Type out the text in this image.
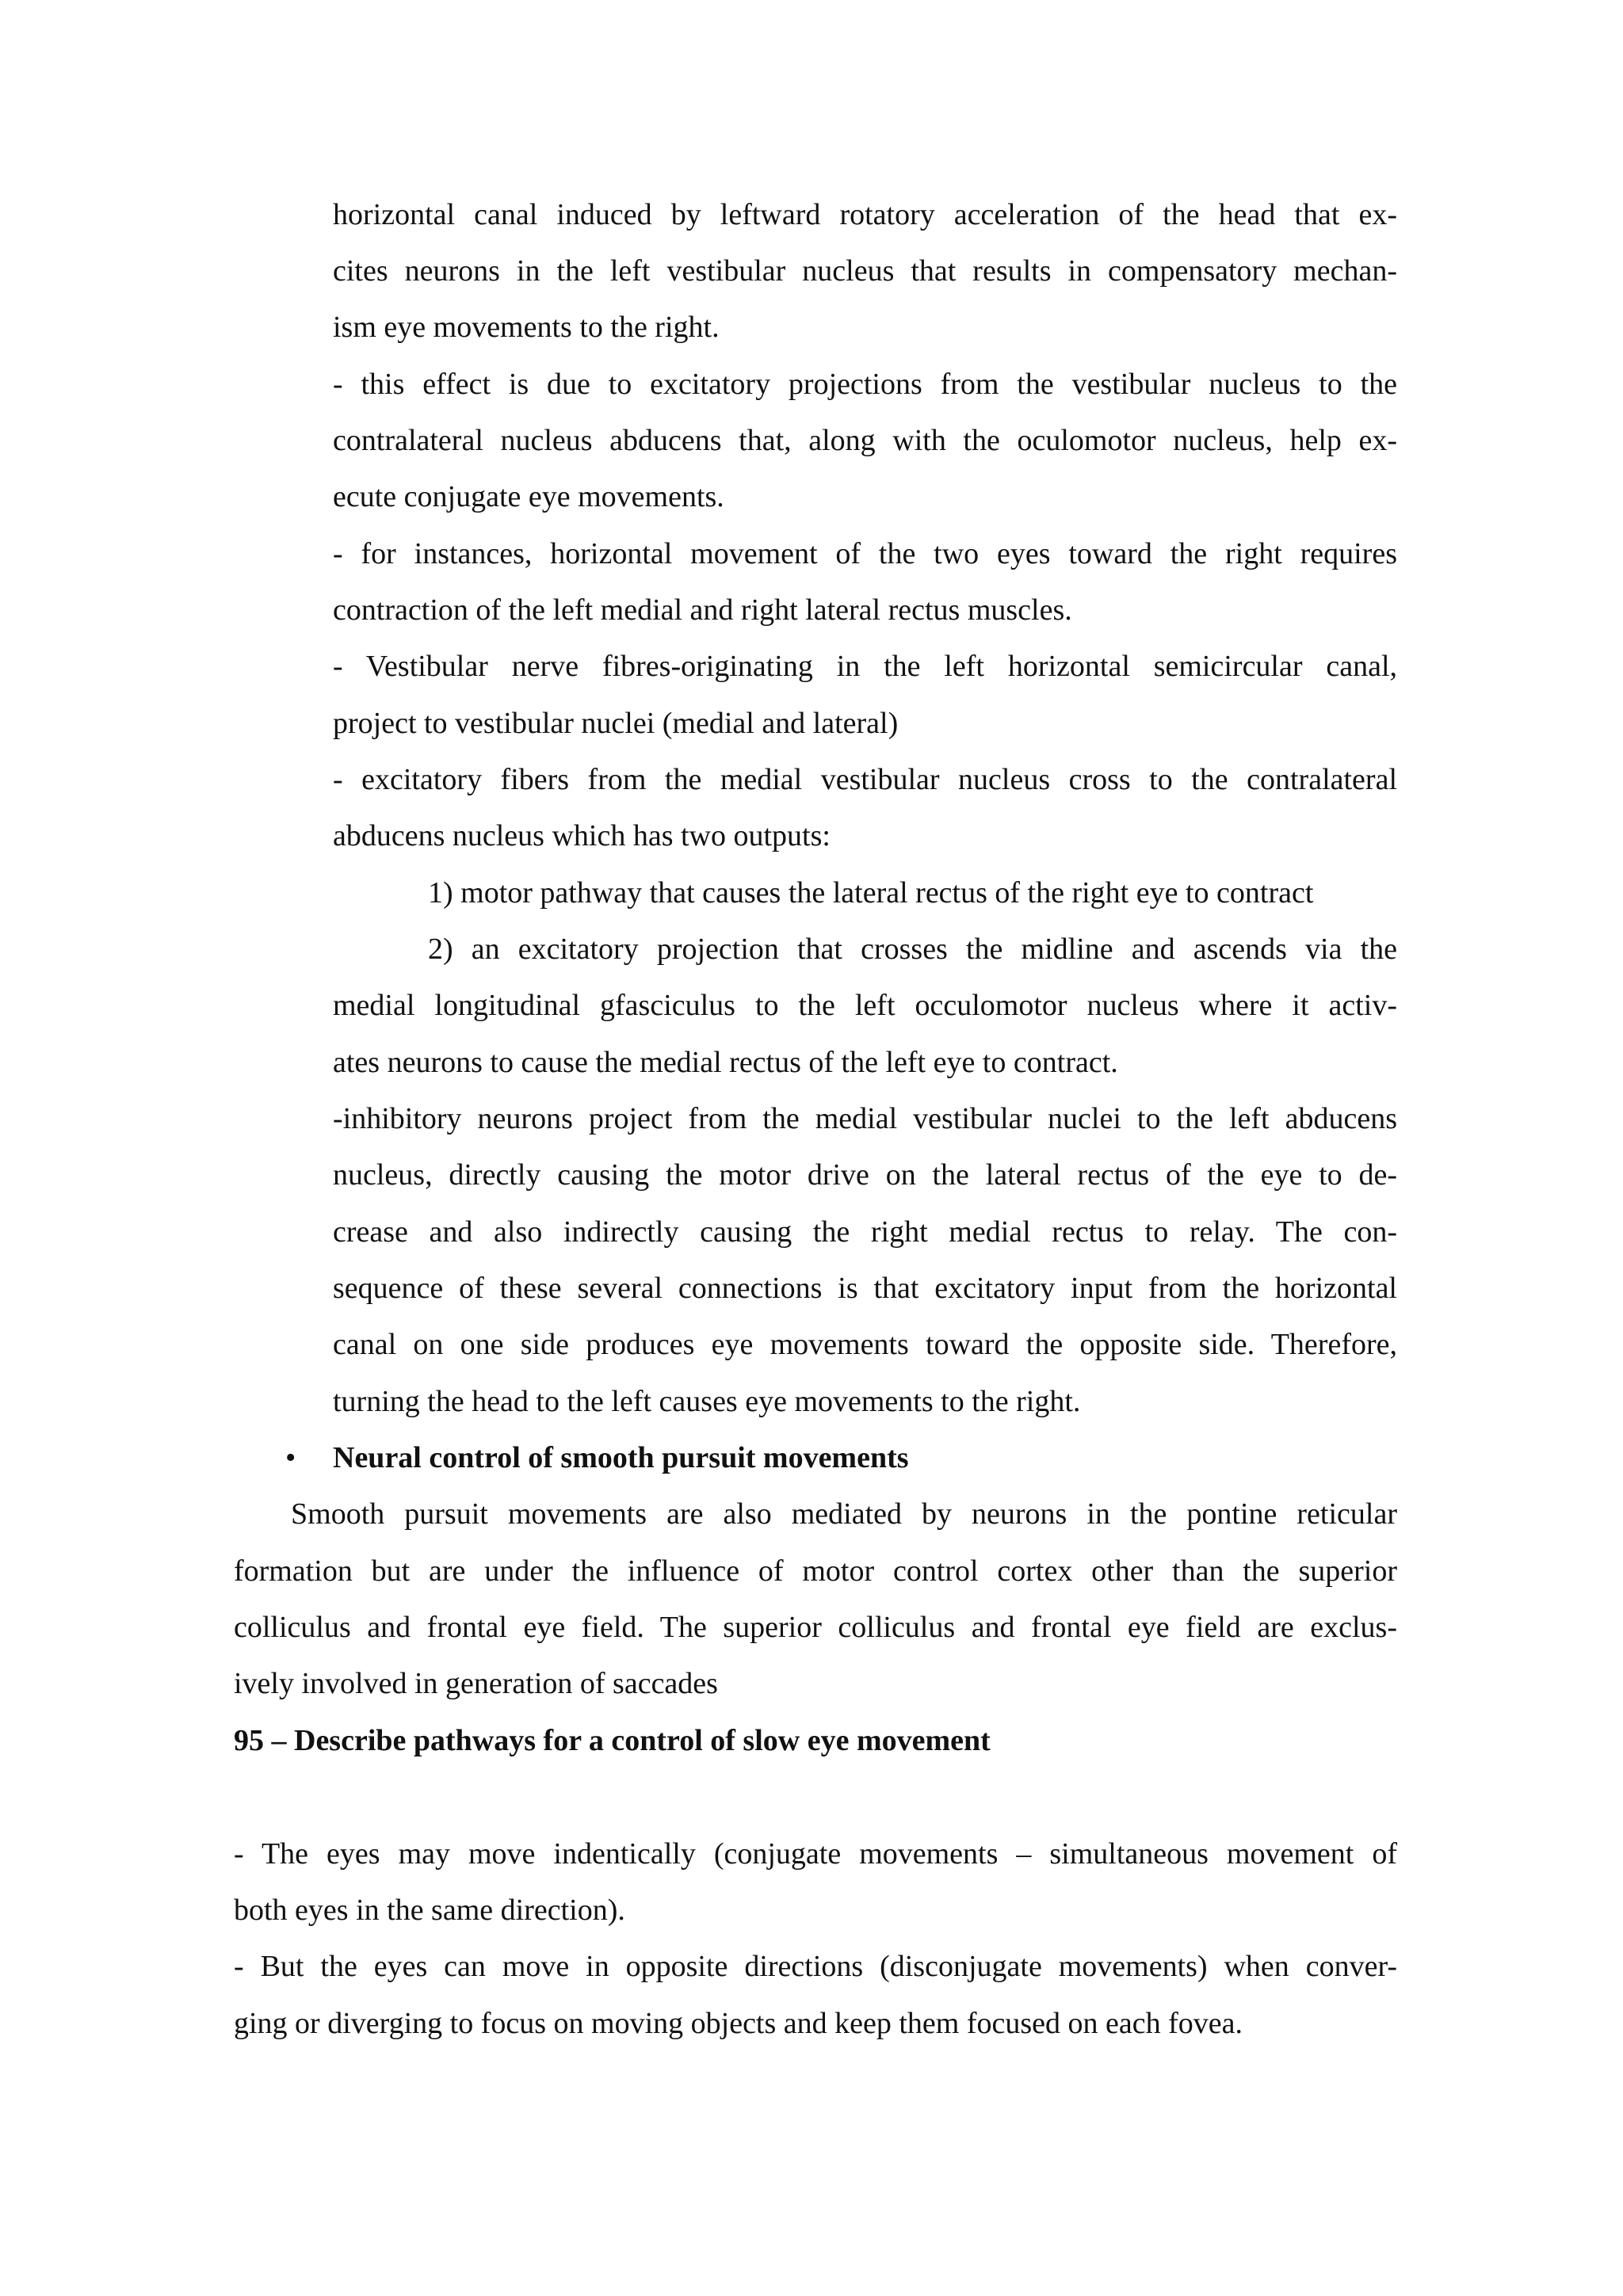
horizontal canal induced by leftward rotatory acceleration of the head that ex-
cites neurons in the left vestibular nucleus that results in compensatory mechan-
ism eye movements to the right.
- this effect is due to excitatory projections from the vestibular nucleus to the
contralateral nucleus abducens that, along with the oculomotor nucleus, help ex-
ecute conjugate eye movements.
- for instances, horizontal movement of the two eyes toward the right requires
contraction of the left medial and right lateral rectus muscles.
- Vestibular nerve fibres-originating in the left horizontal semicircular canal,
project to vestibular nuclei (medial and lateral)
- excitatory fibers from the medial vestibular nucleus cross to the contralateral
abducens nucleus which has two outputs:
1) motor pathway that causes the lateral rectus of the right eye to contract
2) an excitatory projection that crosses the midline and ascends via the
medial longitudinal gfasciculus to the left occulomotor nucleus where it activ-
ates neurons to cause the medial rectus of the left eye to contract.
-inhibitory neurons project from the medial vestibular nuclei to the left abducens
nucleus, directly causing the motor drive on the lateral rectus of the eye to de-
crease and also indirectly causing the right medial rectus to relay. The con-
sequence of these several connections is that excitatory input from the horizontal
canal on one side produces eye movements toward the opposite side. Therefore,
turning the head to the left causes eye movements to the right.
• Neural control of smooth pursuit movements
Smooth pursuit movements are also mediated by neurons in the pontine reticular
formation but are under the influence of motor control cortex other than the superior
colliculus and frontal eye field. The superior colliculus and frontal eye field are exclus-
ively involved in generation of saccades
95 – Describe pathways for a control of slow eye movement
- The eyes may move indentically (conjugate movements – simultaneous movement of
both eyes in the same direction).
- But the eyes can move in opposite directions (disconjugate movements) when conver-
ging or diverging to focus on moving objects and keep them focused on each fovea.
